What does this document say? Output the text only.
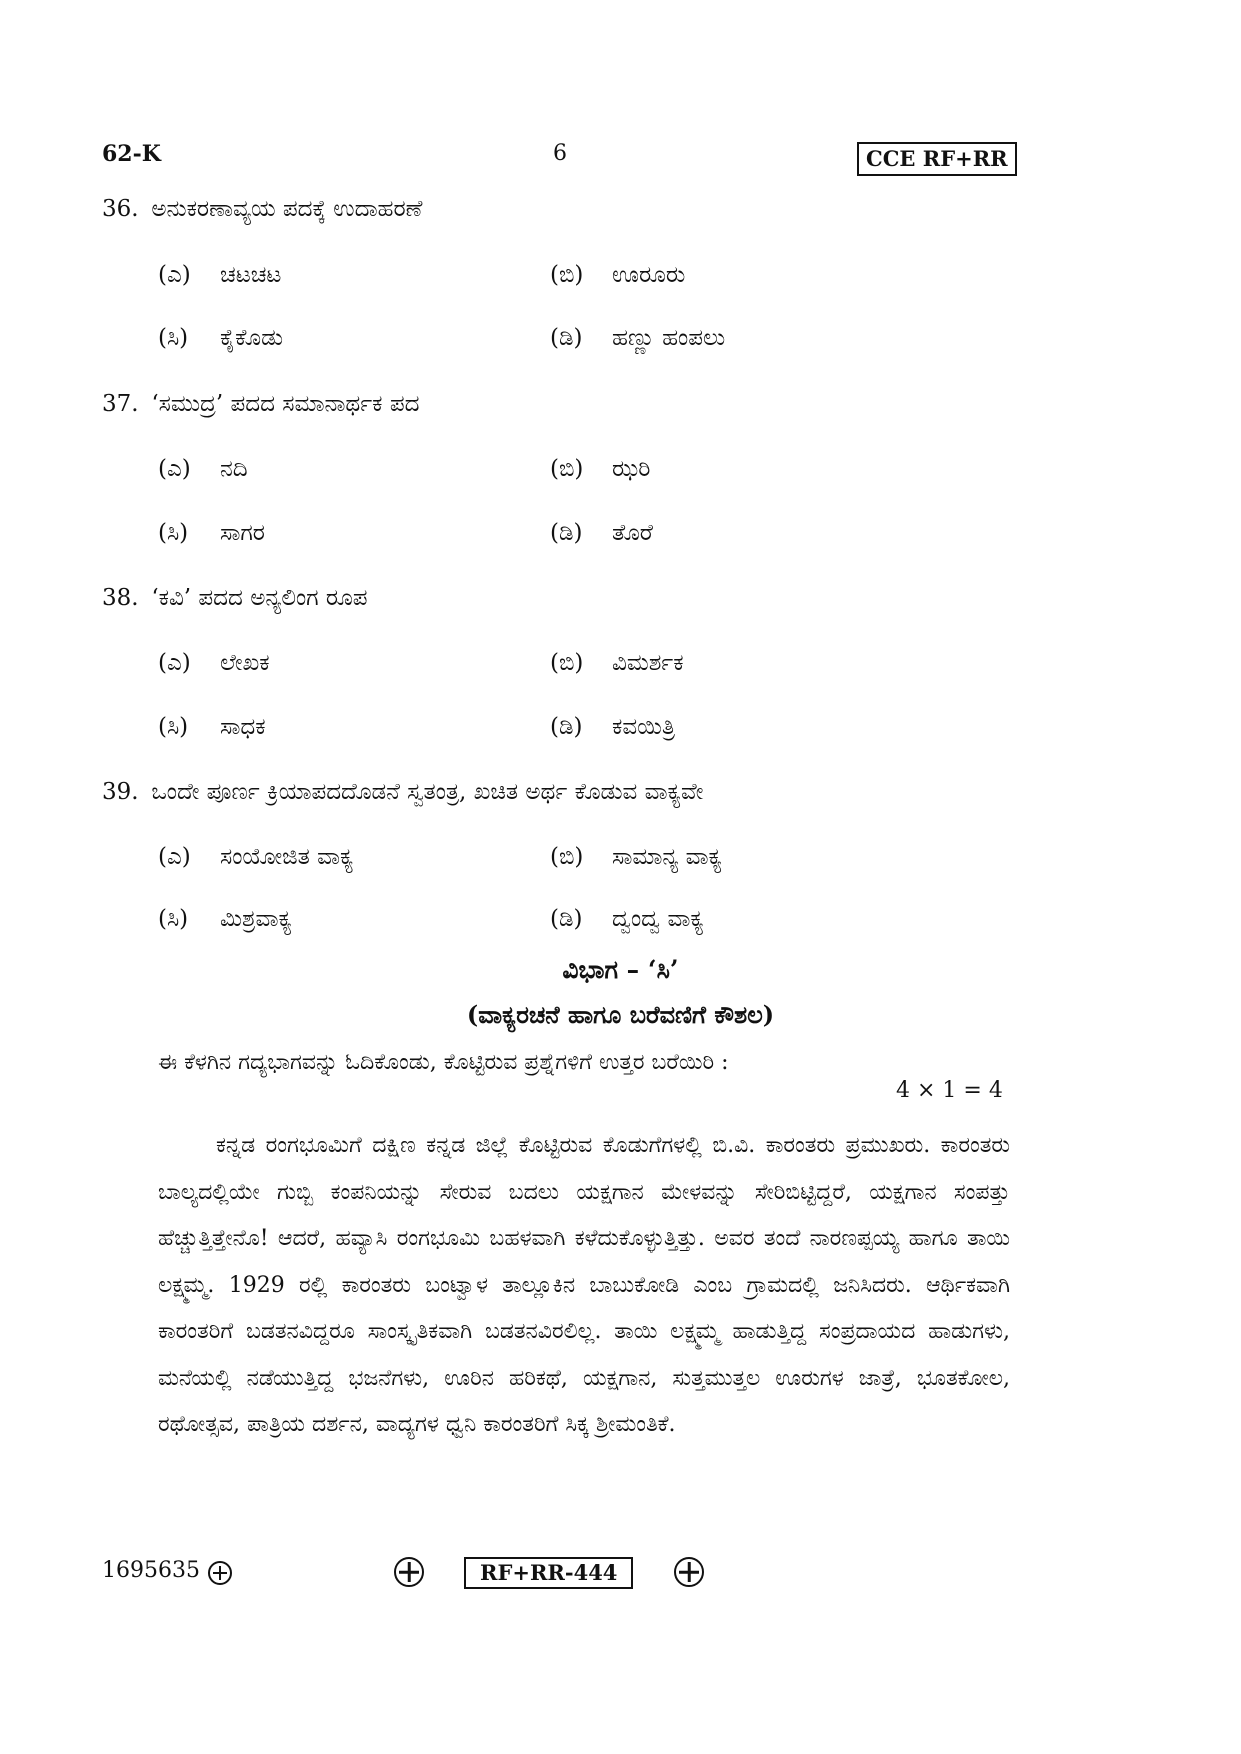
62-K	6	CCE RF+RR
36. ಅನುಕರಣಾವ್ಯಯ ಪದಕ್ಕೆ ಉದಾಹರಣೆ
(ಎ) ಚಟಚಟ	(ಬಿ) ಊರೂರು
(ಸಿ) ಕೈಕೊಡು	(ಡಿ) ಹಣ್ಣು ಹಂಪಲು
37. ‘ಸಮುದ್ರ’ ಪದದ ಸಮಾನಾರ್ಥಕ ಪದ
(ಎ) ನದಿ	(ಬಿ) ಝರಿ
(ಸಿ) ಸಾಗರ	(ಡಿ) ತೊರೆ
38. ‘ಕವಿ’ ಪದದ ಅನ್ಯಲಿಂಗ ರೂಪ
(ಎ) ಲೇಖಕ	(ಬಿ) ವಿಮರ್ಶಕ
(ಸಿ) ಸಾಧಕ	(ಡಿ) ಕವಯಿತ್ರಿ
39. ಒಂದೇ ಪೂರ್ಣ ಕ್ರಿಯಾಪದದೊಡನೆ ಸ್ವತಂತ್ರ, ಖಚಿತ ಅರ್ಥ ಕೊಡುವ ವಾಕ್ಯವೇ
(ಎ) ಸಂಯೋಜಿತ ವಾಕ್ಯ	(ಬಿ) ಸಾಮಾನ್ಯ ವಾಕ್ಯ
(ಸಿ) ಮಿಶ್ರವಾಕ್ಯ	(ಡಿ) ದ್ವಂದ್ವ ವಾಕ್ಯ
ವಿಭಾಗ – ‘ಸಿ’
(ವಾಕ್ಯರಚನೆ ಹಾಗೂ ಬರೆವಣಿಗೆ ಕೌಶಲ)
ಈ ಕೆಳಗಿನ ಗದ್ಯಭಾಗವನ್ನು ಓದಿಕೊಂಡು, ಕೊಟ್ಟಿರುವ ಪ್ರಶ್ನೆಗಳಿಗೆ ಉತ್ತರ ಬರೆಯಿರಿ :
4 × 1 = 4
ಕನ್ನಡ ರಂಗಭೂಮಿಗೆ ದಕ್ಷಿಣ ಕನ್ನಡ ಜಿಲ್ಲೆ ಕೊಟ್ಟಿರುವ ಕೊಡುಗೆಗಳಲ್ಲಿ ಬಿ.ವಿ. ಕಾರಂತರು ಪ್ರಮುಖರು. ಕಾರಂತರು ಬಾಲ್ಯದಲ್ಲಿಯೇ ಗುಬ್ಬಿ ಕಂಪನಿಯನ್ನು ಸೇರುವ ಬದಲು ಯಕ್ಷಗಾನ ಮೇಳವನ್ನು ಸೇರಿಬಿಟ್ಟಿದ್ದರೆ, ಯಕ್ಷಗಾನ ಸಂಪತ್ತು ಹೆಚ್ಚುತ್ತಿತ್ತೇನೊ! ಆದರೆ, ಹವ್ಯಾಸಿ ರಂಗಭೂಮಿ ಬಹಳವಾಗಿ ಕಳೆದುಕೊಳ್ಳುತ್ತಿತ್ತು. ಅವರ ತಂದೆ ನಾರಣಪ್ಪಯ್ಯ ಹಾಗೂ ತಾಯಿ ಲಕ್ಷ್ಮಮ್ಮ. 1929 ರಲ್ಲಿ ಕಾರಂತರು ಬಂಟ್ವಾಳ ತಾಲ್ಲೂಕಿನ ಬಾಬುಕೋಡಿ ಎಂಬ ಗ್ರಾಮದಲ್ಲಿ ಜನಿಸಿದರು. ಆರ್ಥಿಕವಾಗಿ ಕಾರಂತರಿಗೆ ಬಡತನವಿದ್ದರೂ ಸಾಂಸ್ಕೃತಿಕವಾಗಿ ಬಡತನವಿರಲಿಲ್ಲ. ತಾಯಿ ಲಕ್ಷ್ಮಮ್ಮ ಹಾಡುತ್ತಿದ್ದ ಸಂಪ್ರದಾಯದ ಹಾಡುಗಳು, ಮನೆಯಲ್ಲಿ ನಡೆಯುತ್ತಿದ್ದ ಭಜನೆಗಳು, ಊರಿನ ಹರಿಕಥೆ, ಯಕ್ಷಗಾನ, ಸುತ್ತಮುತ್ತಲ ಊರುಗಳ ಜಾತ್ರೆ, ಭೂತಕೋಲ, ರಥೋತ್ಸವ, ಪಾತ್ರಿಯ ದರ್ಶನ, ವಾದ್ಯಗಳ ಧ್ವನಿ ಕಾರಂತರಿಗೆ ಸಿಕ್ಕ ಶ್ರೀಮಂತಿಕೆ.
1695635	RF+RR-444
